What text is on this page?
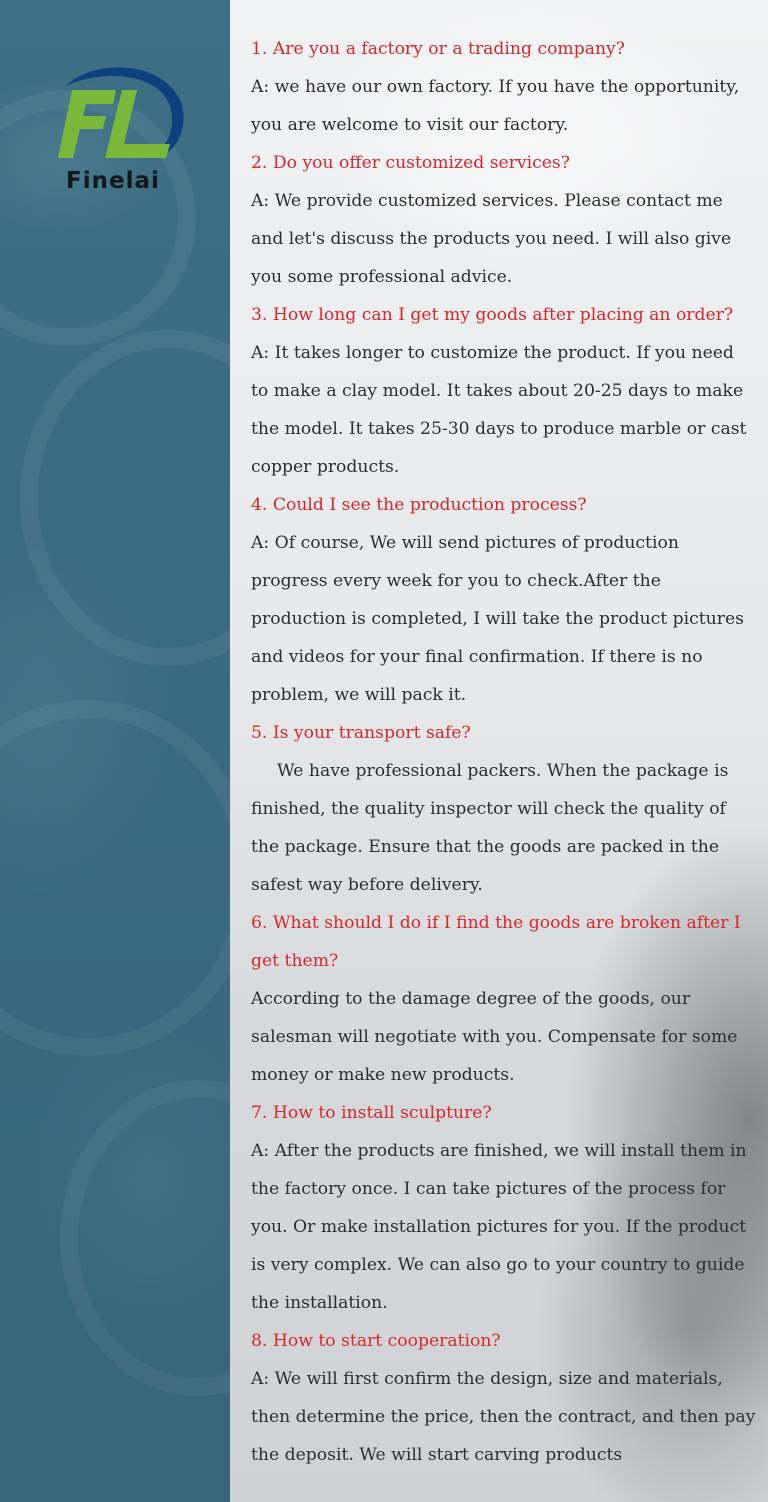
Finelai

1. Are you a factory or a trading company?

A: we have our own factory. If you have the opportunity, you are welcome to visit our factory.

2. Do you offer customized services?

A: We provide customized services. Please contact me and let's discuss the products you need. I will also give you some professional advice.

3. How long can I get my goods after placing an order?

A: It takes longer to customize the product. If you need to make a clay model. It takes about 20-25 days to make the model. It takes 25-30 days to produce marble or cast copper products.

4. Could I see the production process?

A: Of course, We will send pictures of production progress every week for you to check.After the production is completed, I will take the product pictures and videos for your final confirmation. If there is no problem, we will pack it.

5. Is your transport safe?

We have professional packers. When the package is finished, the quality inspector will check the quality of the package. Ensure that the goods are packed in the safest way before delivery.

6. What should I do if I find the goods are broken after I get them?

According to the damage degree of the goods, our salesman will negotiate with you. Compensate for some money or make new products.

7. How to install sculpture?

A: After the products are finished, we will install them in the factory once. I can take pictures of the process for you. Or make installation pictures for you. If the product is very complex. We can also go to your country to guide the installation.

8. How to start cooperation?

A: We will first confirm the design, size and materials, then determine the price, then the contract, and then pay the deposit. We will start carving products
